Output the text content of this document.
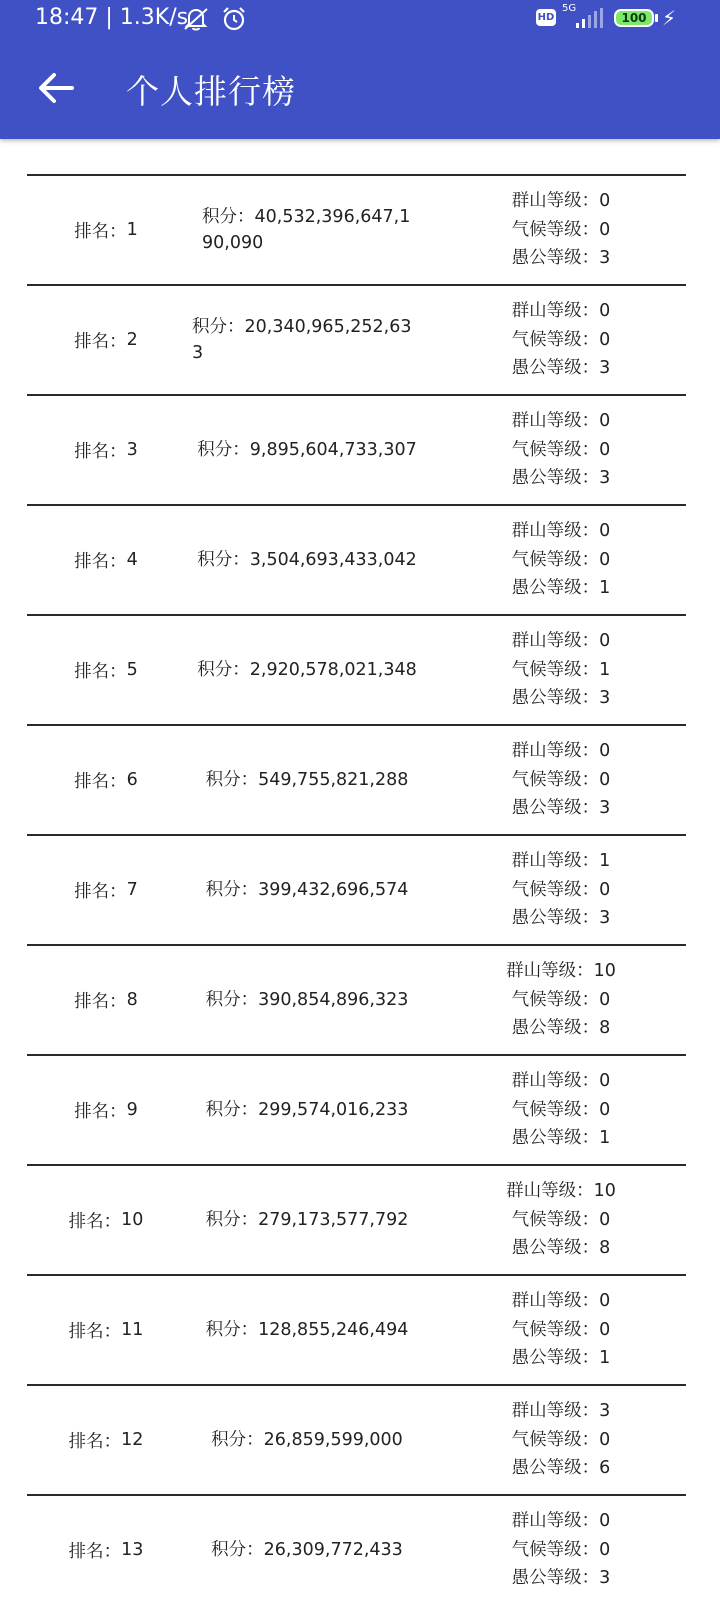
18:47 | 1.3K/s	HD
5G
100 ⚡
个人排行榜
排名： 1
积分：40,532,396,647,190,090
群山等级：0
气候等级：0
愚公等级：3
排名： 2
积分：20,340,965,252,633
群山等级：0
气候等级：0
愚公等级：3
排名： 3	积分：9,895,604,733,307
群山等级：0
气候等级：0
愚公等级：3
排名： 4	积分：3,504,693,433,042
群山等级：0
气候等级：0
愚公等级：1
排名： 5	积分：2,920,578,021,348
群山等级：0
气候等级：1
愚公等级：3
排名： 6	积分：549,755,821,288
群山等级：0
气候等级：0
愚公等级：3
排名： 7	积分：399,432,696,574
群山等级：1
气候等级：0
愚公等级：3
排名： 8	积分：390,854,896,323
群山等级：10
气候等级：0
愚公等级：8
排名： 9	积分：299,574,016,233
群山等级：0
气候等级：0
愚公等级：1
排名： 10	积分：279,173,577,792
群山等级：10
气候等级：0
愚公等级：8
排名： 11	积分：128,855,246,494
群山等级：0
气候等级：0
愚公等级：1
排名： 12	积分：26,859,599,000
群山等级：3
气候等级：0
愚公等级：6
排名： 13	积分：26,309,772,433
群山等级：0
气候等级：0
愚公等级：3
